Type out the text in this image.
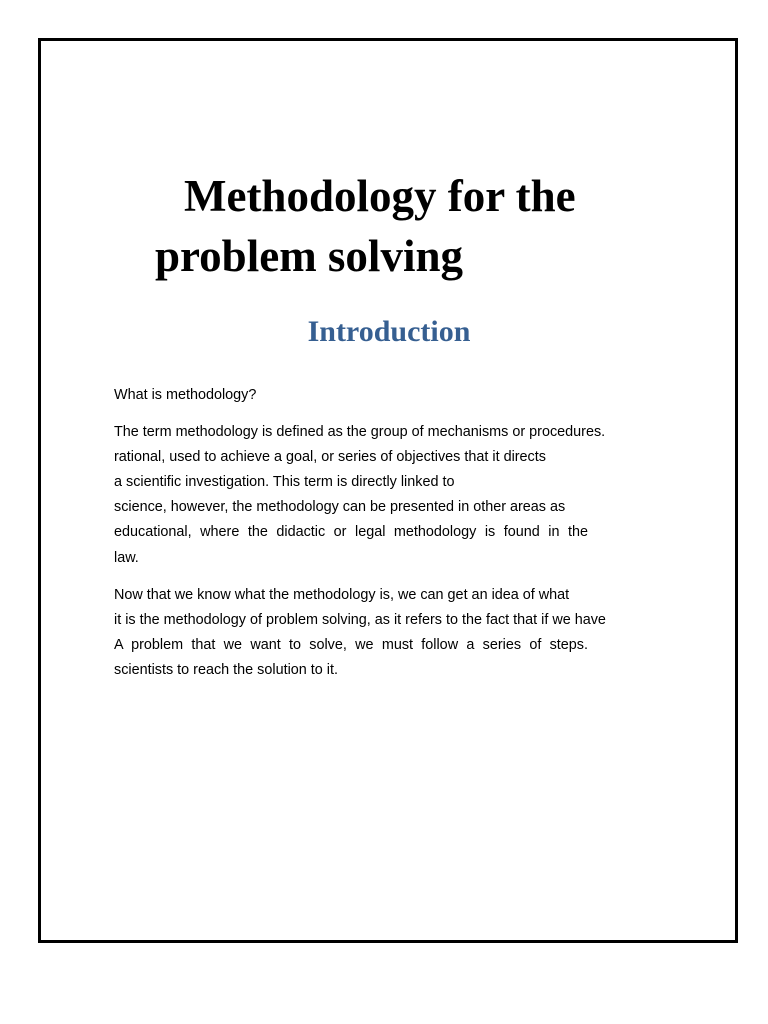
Methodology for the
problem solving
Introduction

What is methodology?

The term methodology is defined as the group of mechanisms or procedures.

rational, used to achieve a goal, or series of objectives that it directs

a scientific investigation. This term is directly linked to

science, however, the methodology can be presented in other areas as

educational, where the didactic or legal methodology is found in the

law.

Now that we know what the methodology is, we can get an idea of what

it is the methodology of problem solving, as it refers to the fact that if we have

A problem that we want to solve, we must follow a series of steps.

scientists to reach the solution to it.
